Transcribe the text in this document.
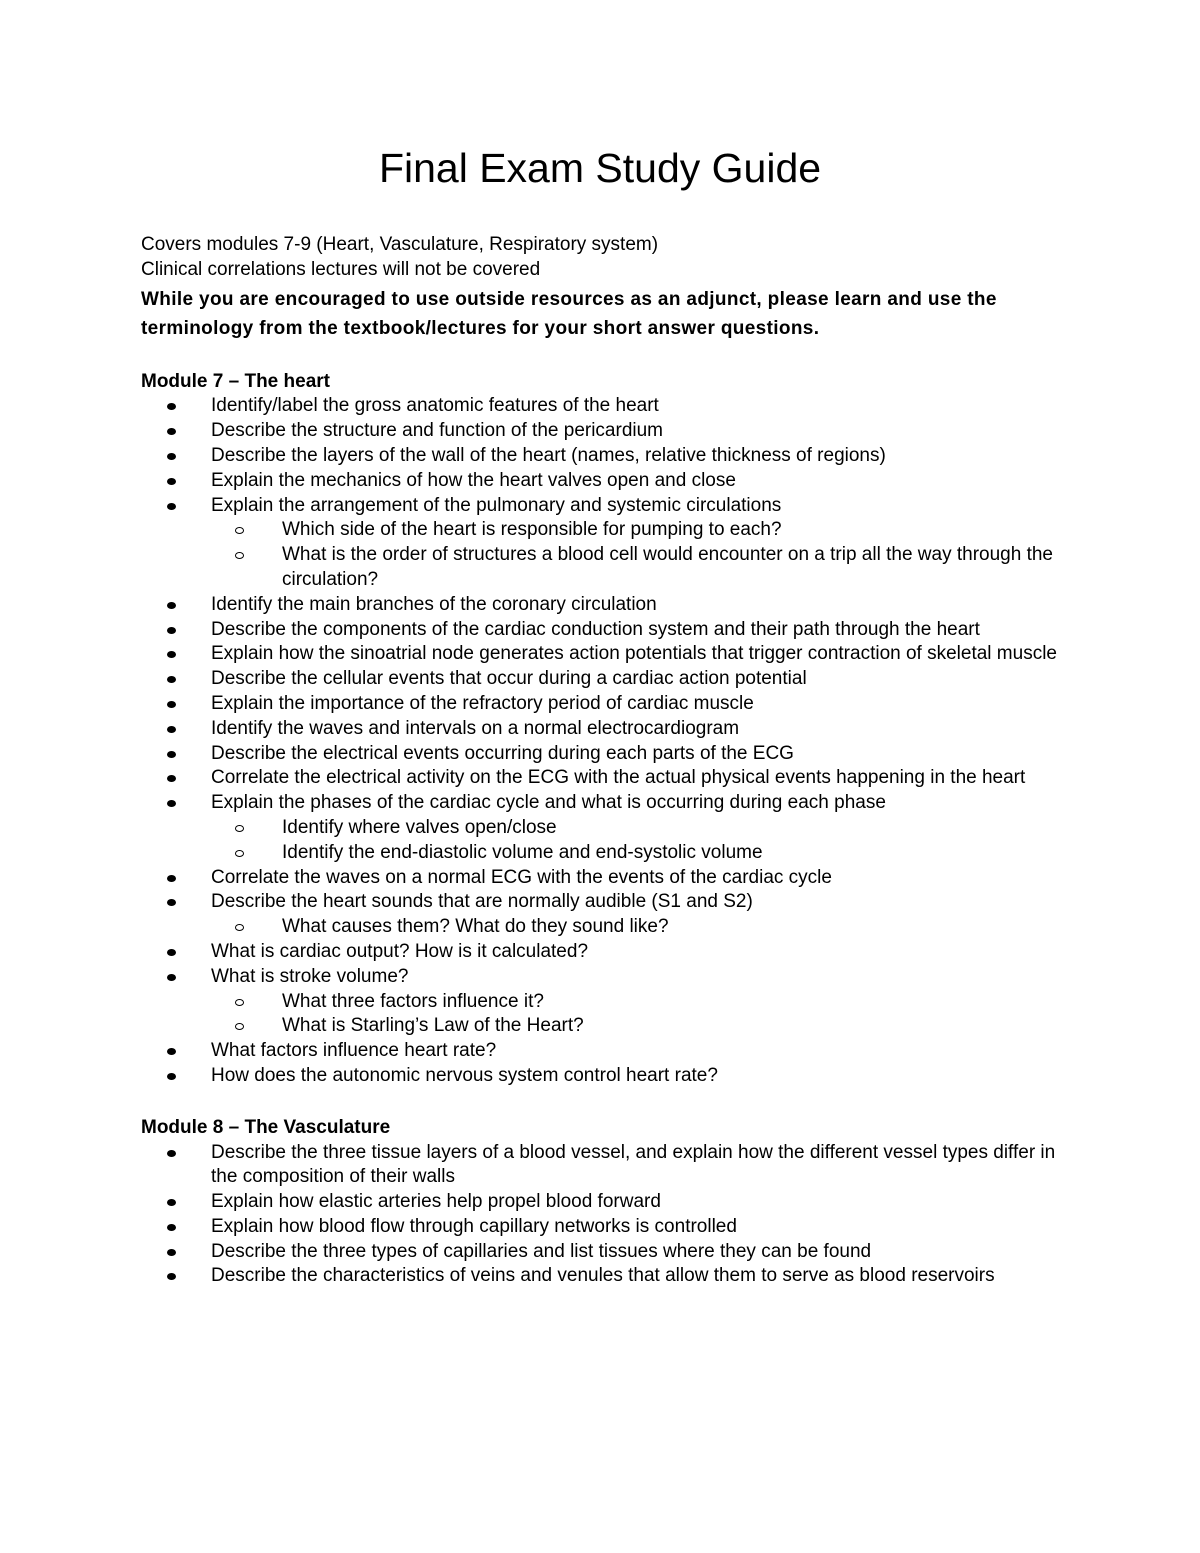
Final Exam Study Guide

Covers modules 7-9 (Heart, Vasculature, Respiratory system)

Clinical correlations lectures will not be covered

While you are encouraged to use outside resources as an adjunct, please learn and use the terminology from the textbook/lectures for your short answer questions.

Module 7 – The heart

Identify/label the gross anatomic features of the heart
Describe the structure and function of the pericardium
Describe the layers of the wall of the heart (names, relative thickness of regions)
Explain the mechanics of how the heart valves open and close
Explain the arrangement of the pulmonary and systemic circulations
Which side of the heart is responsible for pumping to each?
What is the order of structures a blood cell would encounter on a trip all the way through the circulation?
Identify the main branches of the coronary circulation
Describe the components of the cardiac conduction system and their path through the heart
Explain how the sinoatrial node generates action potentials that trigger contraction of skeletal muscle
Describe the cellular events that occur during a cardiac action potential
Explain the importance of the refractory period of cardiac muscle
Identify the waves and intervals on a normal electrocardiogram
Describe the electrical events occurring during each parts of the ECG
Correlate the electrical activity on the ECG with the actual physical events happening in the heart
Explain the phases of the cardiac cycle and what is occurring during each phase
Identify where valves open/close
Identify the end-diastolic volume and end-systolic volume
Correlate the waves on a normal ECG with the events of the cardiac cycle
Describe the heart sounds that are normally audible (S1 and S2)
What causes them? What do they sound like?
What is cardiac output? How is it calculated?
What is stroke volume?
What three factors influence it?
What is Starling’s Law of the Heart?
What factors influence heart rate?
How does the autonomic nervous system control heart rate?

Module 8 – The Vasculature

Describe the three tissue layers of a blood vessel, and explain how the different vessel types differ in the composition of their walls
Explain how elastic arteries help propel blood forward
Explain how blood flow through capillary networks is controlled
Describe the three types of capillaries and list tissues where they can be found
Describe the characteristics of veins and venules that allow them to serve as blood reservoirs
